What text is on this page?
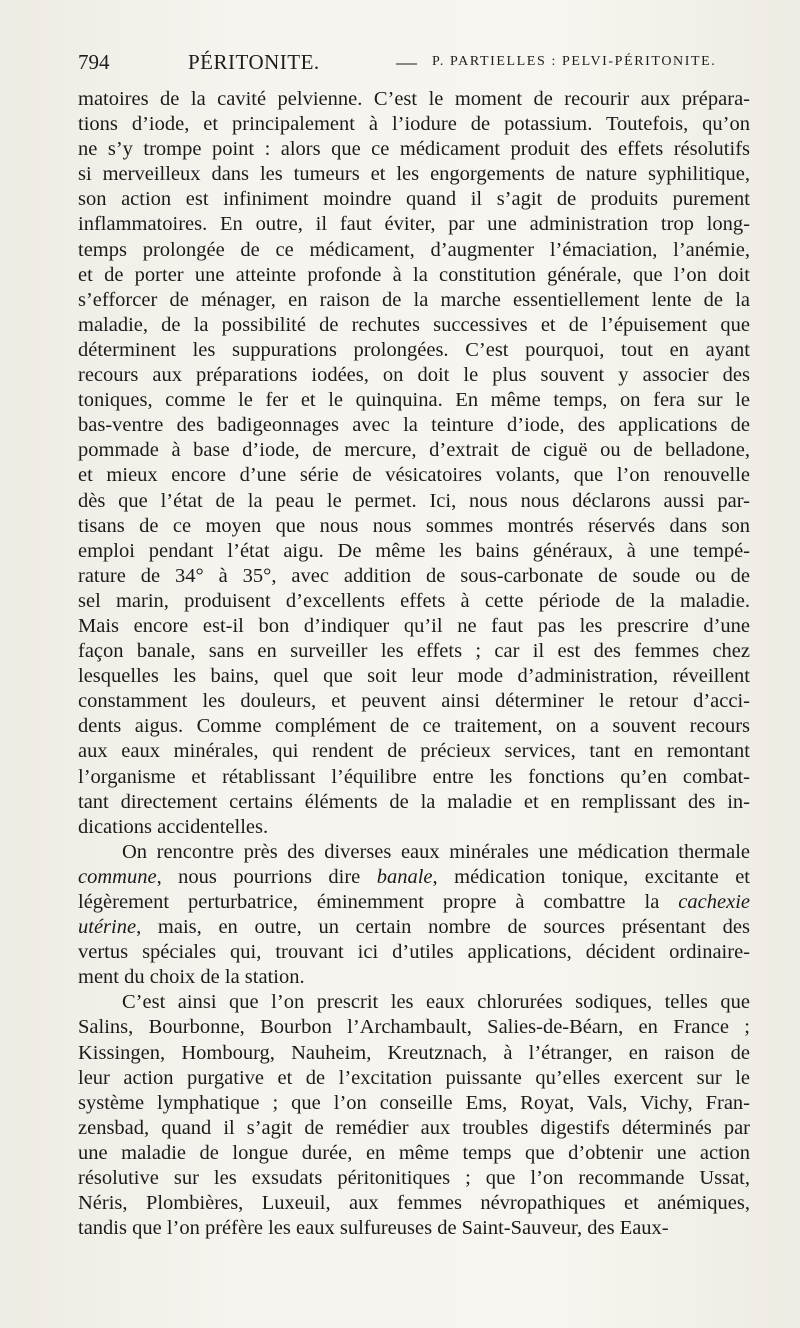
794	PÉRITONITE.	— P. PARTIELLES : PELVI-PÉRITONITE.
matoires de la cavité pelvienne. C’est le moment de recourir aux prépara-
tions d’iode, et principalement à l’iodure de potassium. Toutefois, qu’on
ne s’y trompe point : alors que ce médicament produit des effets résolutifs
si merveilleux dans les tumeurs et les engorgements de nature syphilitique,
son action est infiniment moindre quand il s’agit de produits purement
inflammatoires. En outre, il faut éviter, par une administration trop long-
temps prolongée de ce médicament, d’augmenter l’émaciation, l’anémie,
et de porter une atteinte profonde à la constitution générale, que l’on doit
s’efforcer de ménager, en raison de la marche essentiellement lente de la
maladie, de la possibilité de rechutes successives et de l’épuisement que
déterminent les suppurations prolongées. C’est pourquoi, tout en ayant
recours aux préparations iodées, on doit le plus souvent y associer des
toniques, comme le fer et le quinquina. En même temps, on fera sur le
bas-ventre des badigeonnages avec la teinture d’iode, des applications de
pommade à base d’iode, de mercure, d’extrait de ciguë ou de belladone,
et mieux encore d’une série de vésicatoires volants, que l’on renouvelle
dès que l’état de la peau le permet. Ici, nous nous déclarons aussi par-
tisans de ce moyen que nous nous sommes montrés réservés dans son
emploi pendant l’état aigu. De même les bains généraux, à une tempé-
rature de 34° à 35°, avec addition de sous-carbonate de soude ou de
sel marin, produisent d’excellents effets à cette période de la maladie.
Mais encore est-il bon d’indiquer qu’il ne faut pas les prescrire d’une
façon banale, sans en surveiller les effets ; car il est des femmes chez
lesquelles les bains, quel que soit leur mode d’administration, réveillent
constamment les douleurs, et peuvent ainsi déterminer le retour d’acci-
dents aigus. Comme complément de ce traitement, on a souvent recours
aux eaux minérales, qui rendent de précieux services, tant en remontant
l’organisme et rétablissant l’équilibre entre les fonctions qu’en combat-
tant directement certains éléments de la maladie et en remplissant des in-
dications accidentelles.
On rencontre près des diverses eaux minérales une médication thermale
commune, nous pourrions dire banale, médication tonique, excitante et
légèrement perturbatrice, éminemment propre à combattre la cachexie
utérine, mais, en outre, un certain nombre de sources présentant des
vertus spéciales qui, trouvant ici d’utiles applications, décident ordinaire-
ment du choix de la station.
C’est ainsi que l’on prescrit les eaux chlorurées sodiques, telles que
Salins, Bourbonne, Bourbon l’Archambault, Salies-de-Béarn, en France ;
Kissingen, Hombourg, Nauheim, Kreutznach, à l’étranger, en raison de
leur action purgative et de l’excitation puissante qu’elles exercent sur le
système lymphatique ; que l’on conseille Ems, Royat, Vals, Vichy, Fran-
zensbad, quand il s’agit de remédier aux troubles digestifs déterminés par
une maladie de longue durée, en même temps que d’obtenir une action
résolutive sur les exsudats péritonitiques ; que l’on recommande Ussat,
Néris, Plombières, Luxeuil, aux femmes névropathiques et anémiques,
tandis que l’on préfère les eaux sulfureuses de Saint-Sauveur, des Eaux-
